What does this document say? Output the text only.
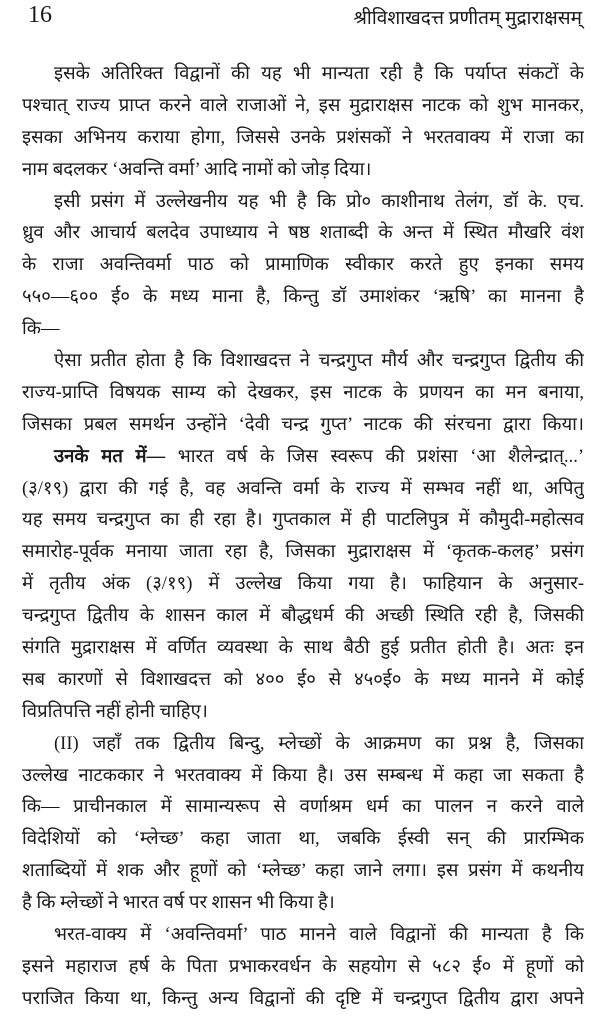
16	श्रीविशाखदत्त प्रणीतम् मुद्राराक्षसम्
इसके अतिरिक्त विद्वानों की यह भी मान्यता रही है कि पर्याप्त संकटों के
पश्चात् राज्य प्राप्त करने वाले राजाओं ने, इस मुद्राराक्षस नाटक को शुभ मानकर,
इसका अभिनय कराया होगा, जिससे उनके प्रशंसकों ने भरतवाक्य में राजा का
नाम बदलकर ‘अवन्ति वर्मा’ आदि नामों को जोड़ दिया।
इसी प्रसंग में उल्लेखनीय यह भी है कि प्रो० काशीनाथ तेलंग, डॉ के. एच.
ध्रुव और आचार्य बलदेव उपाध्याय ने षष्ठ शताब्दी के अन्त में स्थित मौखरि वंश
के राजा अवन्तिवर्मा पाठ को प्रामाणिक स्वीकार करते हुए इनका समय
५५०—६०० ई० के मध्य माना है, किन्तु डॉ उमाशंकर ‘ऋषि’ का मानना है
कि—
ऐसा प्रतीत होता है कि विशाखदत्त ने चन्द्रगुप्त मौर्य और चन्द्रगुप्त द्वितीय की
राज्य-प्राप्ति विषयक साम्य को देखकर, इस नाटक के प्रणयन का मन बनाया,
जिसका प्रबल समर्थन उन्होंने ‘देवी चन्द्र गुप्त’ नाटक की संरचना द्वारा किया।
उनके मत में— भारत वर्ष के जिस स्वरूप की प्रशंसा ‘आ शैलेन्द्रात्...’
(३/१९) द्वारा की गई है, वह अवन्ति वर्मा के राज्य में सम्भव नहीं था, अपितु
यह समय चन्द्रगुप्त का ही रहा है। गुप्तकाल में ही पाटलिपुत्र में कौमुदी-महोत्सव
समारोह-पूर्वक मनाया जाता रहा है, जिसका मुद्राराक्षस में ‘कृतक-कलह’ प्रसंग
में तृतीय अंक (३/१९) में उल्लेख किया गया है। फाहियान के अनुसार-
चन्द्रगुप्त द्वितीय के शासन काल में बौद्धधर्म की अच्छी स्थिति रही है, जिसकी
संगति मुद्राराक्षस में वर्णित व्यवस्था के साथ बैठी हुई प्रतीत होती है। अतः इन
सब कारणों से विशाखदत्त को ४०० ई० से ४५०ई० के मध्य मानने में कोई
विप्रतिपत्ति नहीं होनी चाहिए।
(II) जहाँ तक द्वितीय बिन्दु, म्लेच्छों के आक्रमण का प्रश्न है, जिसका
उल्लेख नाटककार ने भरतवाक्य में किया है। उस सम्बन्ध में कहा जा सकता है
कि— प्राचीनकाल में सामान्यरूप से वर्णाश्रम धर्म का पालन न करने वाले
विदेशियों को ‘म्लेच्छ’ कहा जाता था, जबकि ईस्वी सन् की प्रारम्भिक
शताब्दियों में शक और हूणों को ‘म्लेच्छ’ कहा जाने लगा। इस प्रसंग में कथनीय
है कि म्लेच्छों ने भारत वर्ष पर शासन भी किया है।
भरत-वाक्य में ‘अवन्तिवर्मा’ पाठ मानने वाले विद्वानों की मान्यता है कि
इसने महाराज हर्ष के पिता प्रभाकरवर्धन के सहयोग से ५८२ ई० में हूणों को
पराजित किया था, किन्तु अन्य विद्वानों की दृष्टि में चन्द्रगुप्त द्वितीय द्वारा अपने
